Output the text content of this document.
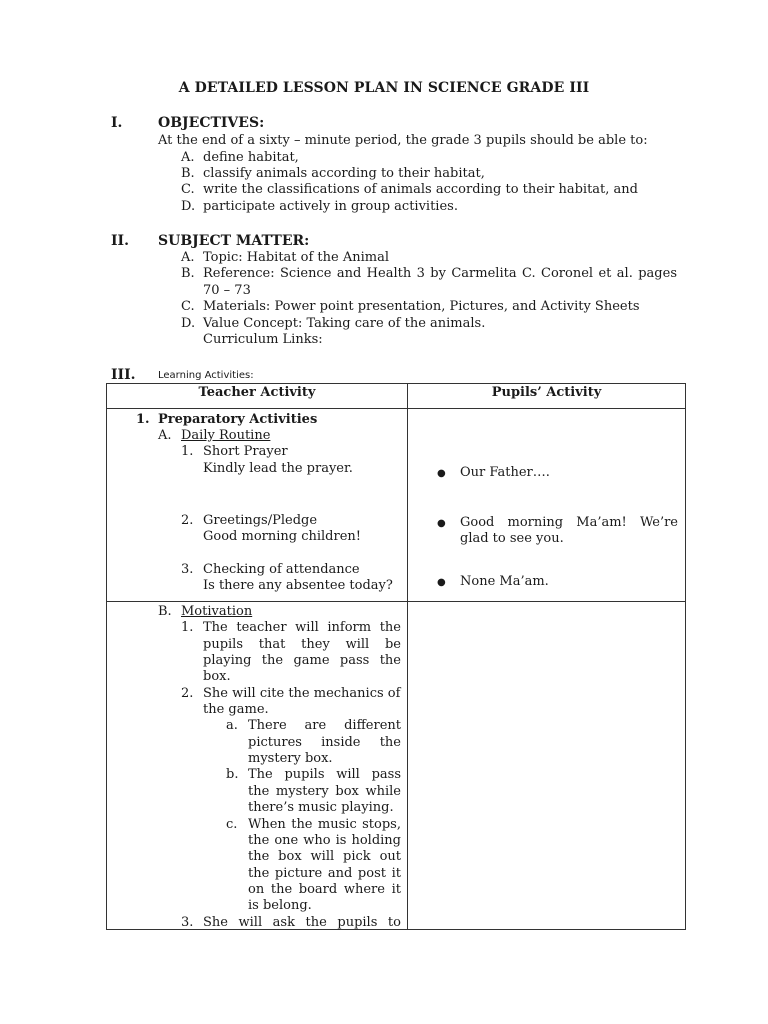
A DETAILED LESSON PLAN IN SCIENCE GRADE III
I.	OBJECTIVES:
At the end of a sixty – minute period, the grade 3 pupils should be able to:
A. define habitat,
B. classify animals according to their habitat,
C. write the classifications of animals according to their habitat, and
D. participate actively in group activities.
II. SUBJECT MATTER:
A. Topic: Habitat of the Animal
B. Reference: Science and Health 3 by Carmelita C. Coronel et al. pages
70 – 73
C. Materials: Power point presentation, Pictures, and Activity Sheets
D. Value Concept: Taking care of the animals.
Curriculum Links:
III. Learning Activities:
Teacher Activity	Pupils’ Activity
1. Preparatory Activities
A. Daily Routine
1. Short Prayer
Kindly lead the prayer.
2. Greetings/Pledge
Good morning children!
3. Checking of attendance
Is there any absentee today?
● Our Father….
● Good morning Ma’am! We’re
glad to see you.
● None Ma’am.
B. Motivation
1. The teacher will inform the
pupils that they will be
playing the game pass the
box.
2. She will cite the mechanics of
the game.
a. There are different
pictures inside the
mystery box.
b. The pupils will pass
the mystery box while
there’s music playing.
c. When the music stops,
the one who is holding
the box will pick out
the picture and post it
on the board where it
is belong.
3. She will ask the pupils to
